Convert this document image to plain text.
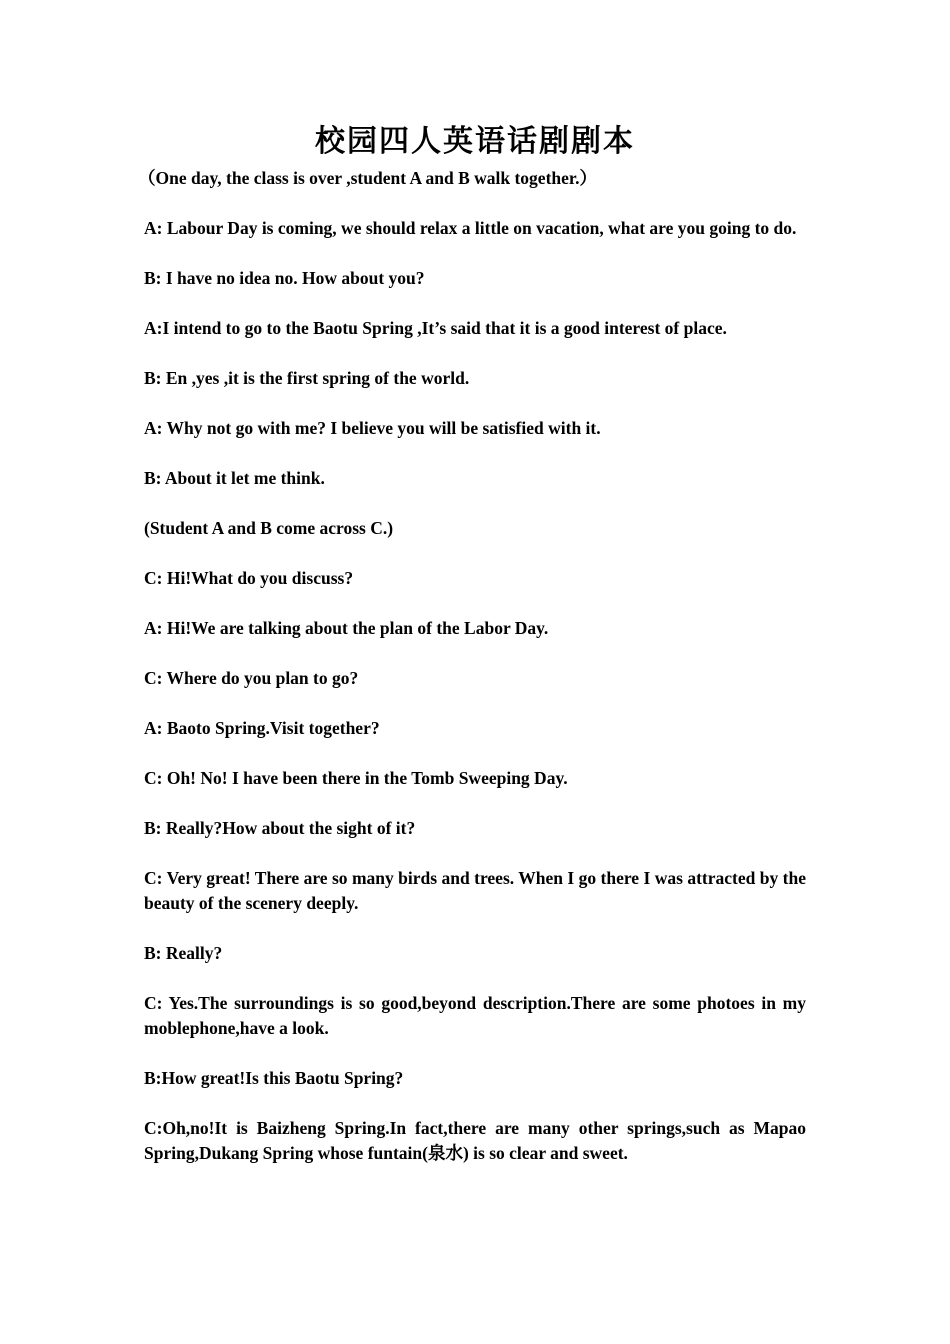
校园四人英语话剧剧本

（One day, the class is over ,student A and B walk together.）

A: Labour Day is coming, we should relax a little on vacation, what are you going to do.

B: I have no idea no. How about you?

A:I intend to go to the Baotu Spring ,It’s said that it is a good interest of place.

B: En ,yes ,it is the first spring of the world.

A: Why not go with me? I believe you will be satisfied with it.

B: About it let me think.

(Student A and B come across C.)

C: Hi!What do you discuss?

A: Hi!We are talking about the plan of the Labor Day.

C: Where do you plan to go?

A: Baoto Spring.Visit together?

C: Oh! No! I have been there in the Tomb Sweeping Day.

B: Really?How about the sight of it?

C: Very great! There are so many birds and trees. When I go there I was attracted by the beauty of the scenery deeply.

B: Really?

C: Yes.The surroundings is so good,beyond description.There are some photoes in my moblephone,have a look.

B:How great!Is this Baotu Spring?

C:Oh,no!It is Baizheng Spring.In fact,there are many other springs,such as Mapao Spring,Dukang Spring whose funtain(泉水) is so clear and sweet.
